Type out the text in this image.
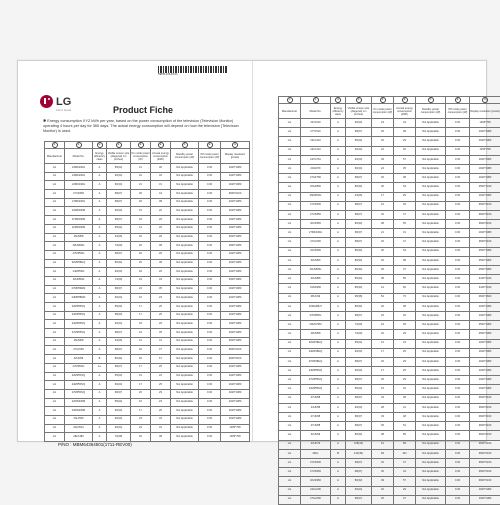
MBM64364501
LG
Life's Good	Product Fiche
✱ Energy consumption XYZ kWh per year, based on the power consumption of the television (Television Monitor) operating 4 hours per day for 365 days. The actual energy consumption will depend on how the television (Television Monitor) is used.
①	②	③	④	⑤	⑥	⑦	⑧	⑨
Manufacturer	Model No.	Energy efficiency class	Visible screen size (diagonal) cm (inches)	On mode power consumption (W)	Annual energy consumption (kWh)	Standby power consumption (W)	Off mode power consumption (W)	Display resolution (pixels)
LG	22MK400H	A	55(22)	21	30	Not Applicable	0.30	1920*1080
LG	24MK400H	A	60(24)	22	32	Not Applicable	0.30	1920*1080
LG	24MK430H	A	60(24)	21	31	Not Applicable	0.30	1920*1080
LG	27UK650	A	68(27)	30	44	Not Applicable	0.30	3840*2160
LG	27MK400H	A	68(27)	26	38	Not Applicable	0.30	1920*1080
LG	24MK600M	A	60(24)	15	22	Not Applicable	0.30	1920*1080
LG	27MK600M	A	68(27)	18	26	Not Applicable	0.30	1920*1080
LG	22MK600M	A	55(22)	14	20	Not Applicable	0.30	1920*1080
LG	25UM58	A	64(25)	20	29	Not Applicable	0.30	2560*1080
LG	29UM69G	A	73(29)	26	38	Not Applicable	0.30	2560*1080
LG	27MP59G	A	68(27)	20	29	Not Applicable	0.30	1920*1080
LG	32MP58HQ	A	80(32)	26	38	Not Applicable	0.30	1920*1080
LG	24MP59G	A	60(24)	18	26	Not Applicable	0.30	1920*1080
LG	29UM59A	A	73(29)	23	34	Not Applicable	0.30	2560*1080
LG	27MP89HM	A	68(27)	24	35	Not Applicable	0.30	1920*1080
LG	24MP88HM	A	60(24)	16	23	Not Applicable	0.30	1920*1080
LG	22MP68VQ	A	55(22)	17	25	Not Applicable	0.30	1920*1080
LG	23MP68VQ	A	58(23)	17	25	Not Applicable	0.30	1920*1080
LG	24MP68VQ	A	60(24)	18	26	Not Applicable	0.30	1920*1080
LG	27MP68VQ	A	68(27)	24	35	Not Applicable	0.30	1920*1080
LG	25UM68	A	64(25)	21	31	Not Applicable	0.30	2560*1080
LG	27UL550	A	68(27)	32	47	Not Applicable	0.30	3840*2160
LG	32UD59	B	80(32)	46	67	Not Applicable	0.30	3840*2160
LG	27MP60G	A+	68(27)	17	25	Not Applicable	0.30	1920*1080
LG	22MP59VQ	A	55(22)	15	22	Not Applicable	0.30	1920*1080
LG	24MP59VQ	A	60(24)	17	25	Not Applicable	0.30	1920*1080
LG	27MP59VQ	A	68(27)	20	29	Not Applicable	0.30	1920*1080
LG	22MN430M	A	55(22)	16	23	Not Applicable	0.30	1920*1080
LG	24MN430M	A	60(24)	17	25	Not Applicable	0.30	1920*1080
LG	24LJ550	A	60(24)	23	34	Not Applicable	0.30	1920*1080
LG	24LN510	A	60(24)	23	34	Not Applicable	0.30	1366*768
LG	28LK480	A	70(28)	26	38	Not Applicable	0.30	1366*768
P/NO : MBM64364501(1711-REV00)
①	②	③	④	⑤	⑥	⑦	⑧	⑨
Manufacturer	Model No.	Energy efficiency class	Visible screen size (diagonal) cm (inches)	On mode power consumption (W)	Annual energy consumption (kWh)	Standby power consumption (W)	Off mode power consumption (W)	Display resolution (pixels)
LG	24TL510	A	60(24)	23	34	Not Applicable	0.30	1366*768
LG	27TL510	A	68(27)	26	38	Not Applicable	0.30	1920*1080
LG	22LK410	A	55(22)	20	29	Not Applicable	0.30	1920*1080
LG	24LK410	A	60(24)	22	32	Not Applicable	0.30	1366*768
LG	24VL70A	A	60(24)	39	57	Not Applicable	0.30	1920*1080
LG	24GM79	A	60(24)	24	35	Not Applicable	0.30	1920*1080
LG	27GK750	A	68(27)	26	38	Not Applicable	0.30	1920*1080
LG	32GK850	A	80(32)	36	53	Not Applicable	0.30	2560*1440
LG	25MP60G	A	64(25)	17	25	Not Applicable	0.30	1920*1080
LG	27UK500	A	68(27)	31	45	Not Applicable	0.30	3840*2160
LG	27UK850	A	68(27)	32	47	Not Applicable	0.30	3840*2160
LG	32UK550	A	80(32)	38	55	Not Applicable	0.30	3840*2160
LG	27MK430H	A	68(27)	21	31	Not Applicable	0.30	1920*1080
LG	27UL500	A	68(27)	32	47	Not Applicable	0.30	3840*2160
LG	34UK500	A	86(34)	36	53	Not Applicable	0.30	2560*1080
LG	34UM59	A	86(34)	26	38	Not Applicable	0.30	2560*1080
LG	34UM69G	A	86(34)	25	37	Not Applicable	0.30	2560*1080
LG	34UM88	A	86(34)	38	55	Not Applicable	0.30	3440*1440
LG	34GK950	A	86(34)	41	60	Not Applicable	0.30	3440*1440
LG	38UC99	A	95(38)	52	76	Not Applicable	0.30	3840*1600
LG	32MA68HY	A	80(32)	26	38	Not Applicable	0.30	1920*1080
LG	27MP89G	A	68(27)	22	32	Not Applicable	0.30	1920*1080
LG	29UM79M	A	73(29)	24	35	Not Applicable	0.30	2560*1080
LG	29UM58	A	73(29)	20	29	Not Applicable	0.30	2560*1080
LG	22MP48HQ	A	55(22)	16	23	Not Applicable	0.30	1920*1080
LG	24MP48HQ	A	60(24)	17	25	Not Applicable	0.30	1920*1080
LG	27MP48HQ	A	68(27)	20	29	Not Applicable	0.30	1920*1080
LG	24MP58VQ	A	60(24)	17	25	Not Applicable	0.30	1920*1080
LG	27MP58VQ	A	68(27)	20	29	Not Applicable	0.30	1920*1080
LG	22MP58VQ	A	55(22)	15	22	Not Applicable	0.30	1920*1080
LG	27UD58	A	68(27)	33	48	Not Applicable	0.30	3840*2160
LG	24UD58	A	60(24)	28	41	Not Applicable	0.30	3840*2160
LG	27UD68	A	68(27)	33	48	Not Applicable	0.30	3840*2160
LG	27UD88	A	68(27)	35	51	Not Applicable	0.30	3840*2160
LG	32UD99	A	80(32)	38	55	Not Applicable	0.30	3840*2160
LG	43UD79	A	108(43)	61	89	Not Applicable	0.30	3840*2160
LG	49UL	B	123(49)	69	101	Not Applicable	0.30	3840*2160
LG	27UK600	A	68(27)	32	47	Not Applicable	0.30	3840*2160
LG	27UK650	A	68(27)	30	44	Not Applicable	0.30	3840*2160
LG	32UK950	A	80(32)	39	57	Not Applicable	0.30	3840*2160
LG	24GL600	A	60(24)	20	29	Not Applicable	0.30	1920*1080
LG	27GL650	A	68(27)	25	37	Not Applicable	0.30	1920*1080
